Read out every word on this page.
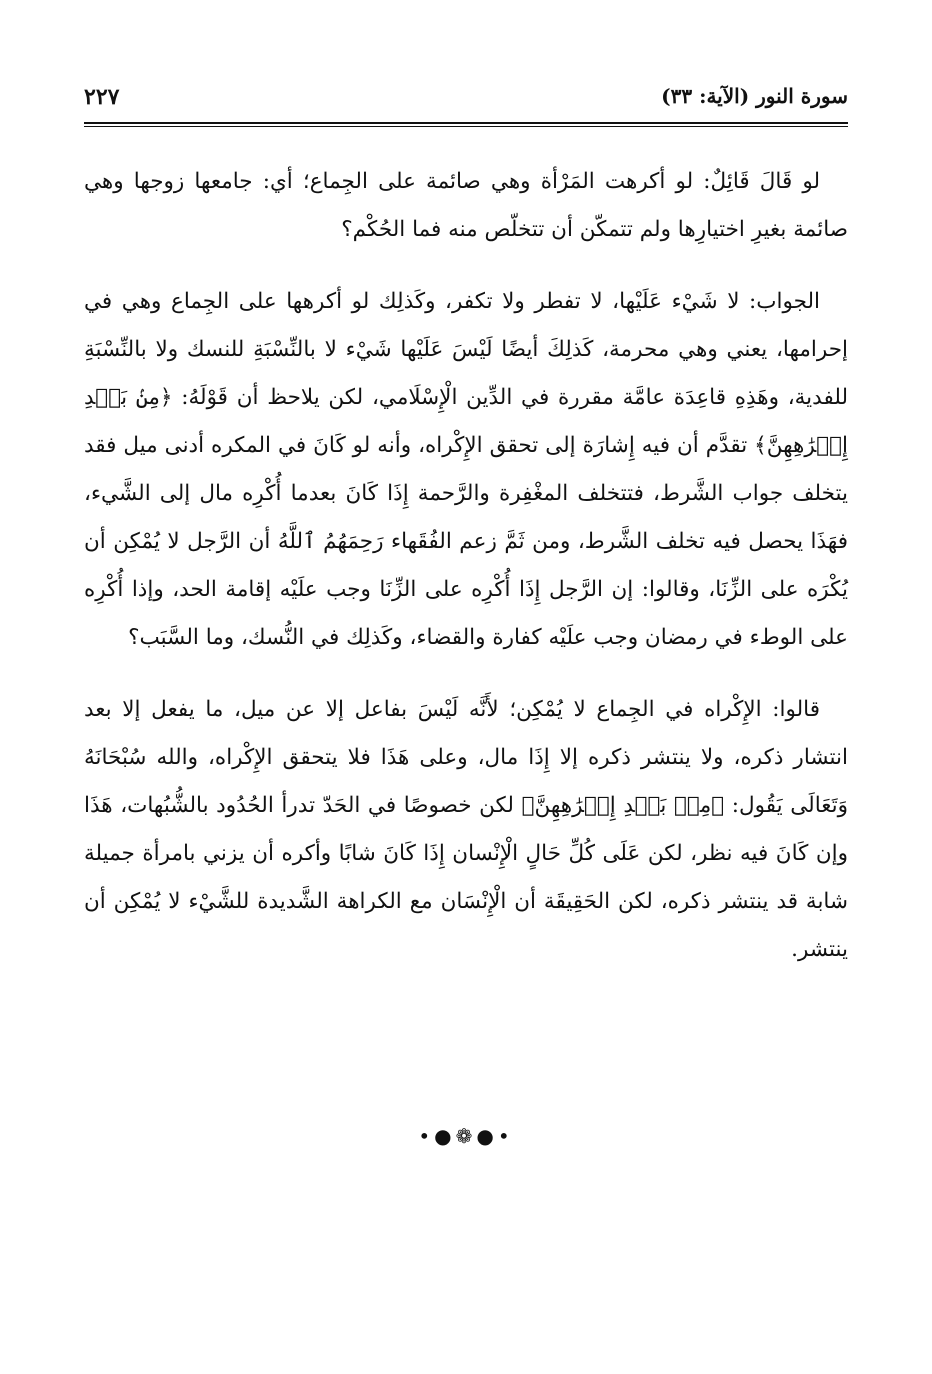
سورة النور (الآية: ٣٣)
٢٢٧

لو قَالَ قَائِلٌ: لو أكرهت المَرْأة وهي صائمة على الجِماع؛ أي: جامعها زوجها وهي صائمة بغيرِ اختيارِها ولم تتمكّن أن تتخلّص منه فما الحُكْم؟

الجواب: لا شَيْء عَلَيْها، لا تفطر ولا تكفر، وكَذلِك لو أكرهها على الجِماع وهي في إحرامها، يعني وهي محرمة، كَذلِكَ أيضًا لَيْسَ عَلَيْها شَيْء لا بالنِّسْبَةِ للنسك ولا بالنِّسْبَةِ للفدية، وهَذِهِ قاعِدَة عامَّة مقررة في الدِّين الْإِسْلَامي، لكن يلاحظ أن قَوْلَهُ: ﴿مِنۢ بَعۡدِ إِكۡرَٰهِهِنَّ﴾ تقدَّم أن فيه إِشارَة إلى تحقق الإِكْراه، وأنه لو كَانَ في المكره أدنى ميل فقد يتخلف جواب الشَّرط، فتتخلف المغْفِرة والرَّحمة إِذَا كَانَ بعدما أُكْرِه مال إلى الشَّيء، فهَذَا يحصل فيه تخلف الشَّرط، ومن ثَمَّ زعم الفُقَهاء رَحِمَهُمُ ٱللَّهُ أن الرَّجل لا يُمْكِن أن يُكْرَه على الزِّنَا، وقالوا: إن الرَّجل إِذَا أُكْرِه على الزِّنَا وجب علَيْه إقامة الحد، وإذا أُكْرِه على الوطء في رمضان وجب علَيْه كفارة والقضاء، وكَذلِك في النُّسك، وما السَّبَب؟

قالوا: الإِكْراه في الجِماع لا يُمْكِن؛ لأَنَّه لَيْسَ بفاعل إلا عن ميل، ما يفعل إلا بعد انتشار ذكره، ولا ينتشر ذكره إلا إِذَا مال، وعلى هَذَا فلا يتحقق الإِكْراه، والله سُبْحَانَهُ وَتَعَالَى يَقُول: ﴿مِنۢ بَعۡدِ إِكۡرَٰهِهِنَّ﴾ لكن خصوصًا في الحَدّ تدرأ الحُدُود بالشُّبُهات، هَذَا وإن كَانَ فيه نظر، لكن عَلَى كُلِّ حَالٍ الْإِنْسان إِذَا كَانَ شابًا وأكره أن يزني بامرأة جميلة شابة قد ينتشر ذكره، لكن الحَقِيقَة أن الْإِنْسَان مع الكراهة الشَّديدة للشَّيْء لا يُمْكِن أن ينتشر.

•●❁●•
